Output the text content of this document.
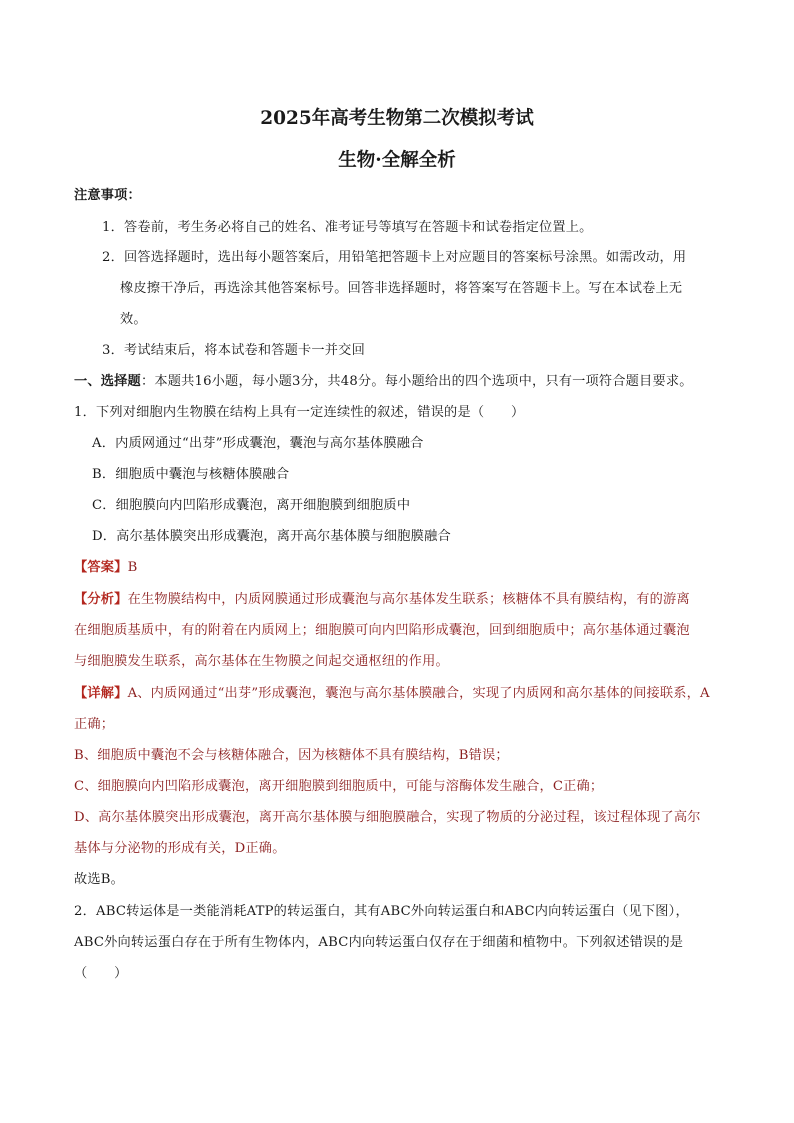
2025年高考生物第二次模拟考试
生物·全解全析
注意事项：
1．答卷前，考生务必将自己的姓名、准考证号等填写在答题卡和试卷指定位置上。
2．回答选择题时，选出每小题答案后，用铅笔把答题卡上对应题目的答案标号涂黑。如需改动，用
橡皮擦干净后，再选涂其他答案标号。回答非选择题时，将答案写在答题卡上。写在本试卷上无
效。
3．考试结束后，将本试卷和答题卡一并交回
一、选择题：本题共16小题，每小题3分，共48分。每小题给出的四个选项中，只有一项符合题目要求。
1．下列对细胞内生物膜在结构上具有一定连续性的叙述，错误的是（　　）
A．内质网通过“出芽”形成囊泡，囊泡与高尔基体膜融合
B．细胞质中囊泡与核糖体膜融合
C．细胞膜向内凹陷形成囊泡，离开细胞膜到细胞质中
D．高尔基体膜突出形成囊泡，离开高尔基体膜与细胞膜融合
【答案】B
【分析】在生物膜结构中，内质网膜通过形成囊泡与高尔基体发生联系；核糖体不具有膜结构，有的游离
在细胞质基质中，有的附着在内质网上；细胞膜可向内凹陷形成囊泡，回到细胞质中；高尔基体通过囊泡
与细胞膜发生联系，高尔基体在生物膜之间起交通枢纽的作用。
【详解】A、内质网通过“出芽”形成囊泡，囊泡与高尔基体膜融合，实现了内质网和高尔基体的间接联系，A
正确；
B、细胞质中囊泡不会与核糖体融合，因为核糖体不具有膜结构，B错误；
C、细胞膜向内凹陷形成囊泡，离开细胞膜到细胞质中，可能与溶酶体发生融合，C正确；
D、高尔基体膜突出形成囊泡，离开高尔基体膜与细胞膜融合，实现了物质的分泌过程，该过程体现了高尔
基体与分泌物的形成有关，D正确。
故选B。
2．ABC转运体是一类能消耗ATP的转运蛋白，其有ABC外向转运蛋白和ABC内向转运蛋白（见下图），
ABC外向转运蛋白存在于所有生物体内，ABC内向转运蛋白仅存在于细菌和植物中。下列叙述错误的是
（　　）
